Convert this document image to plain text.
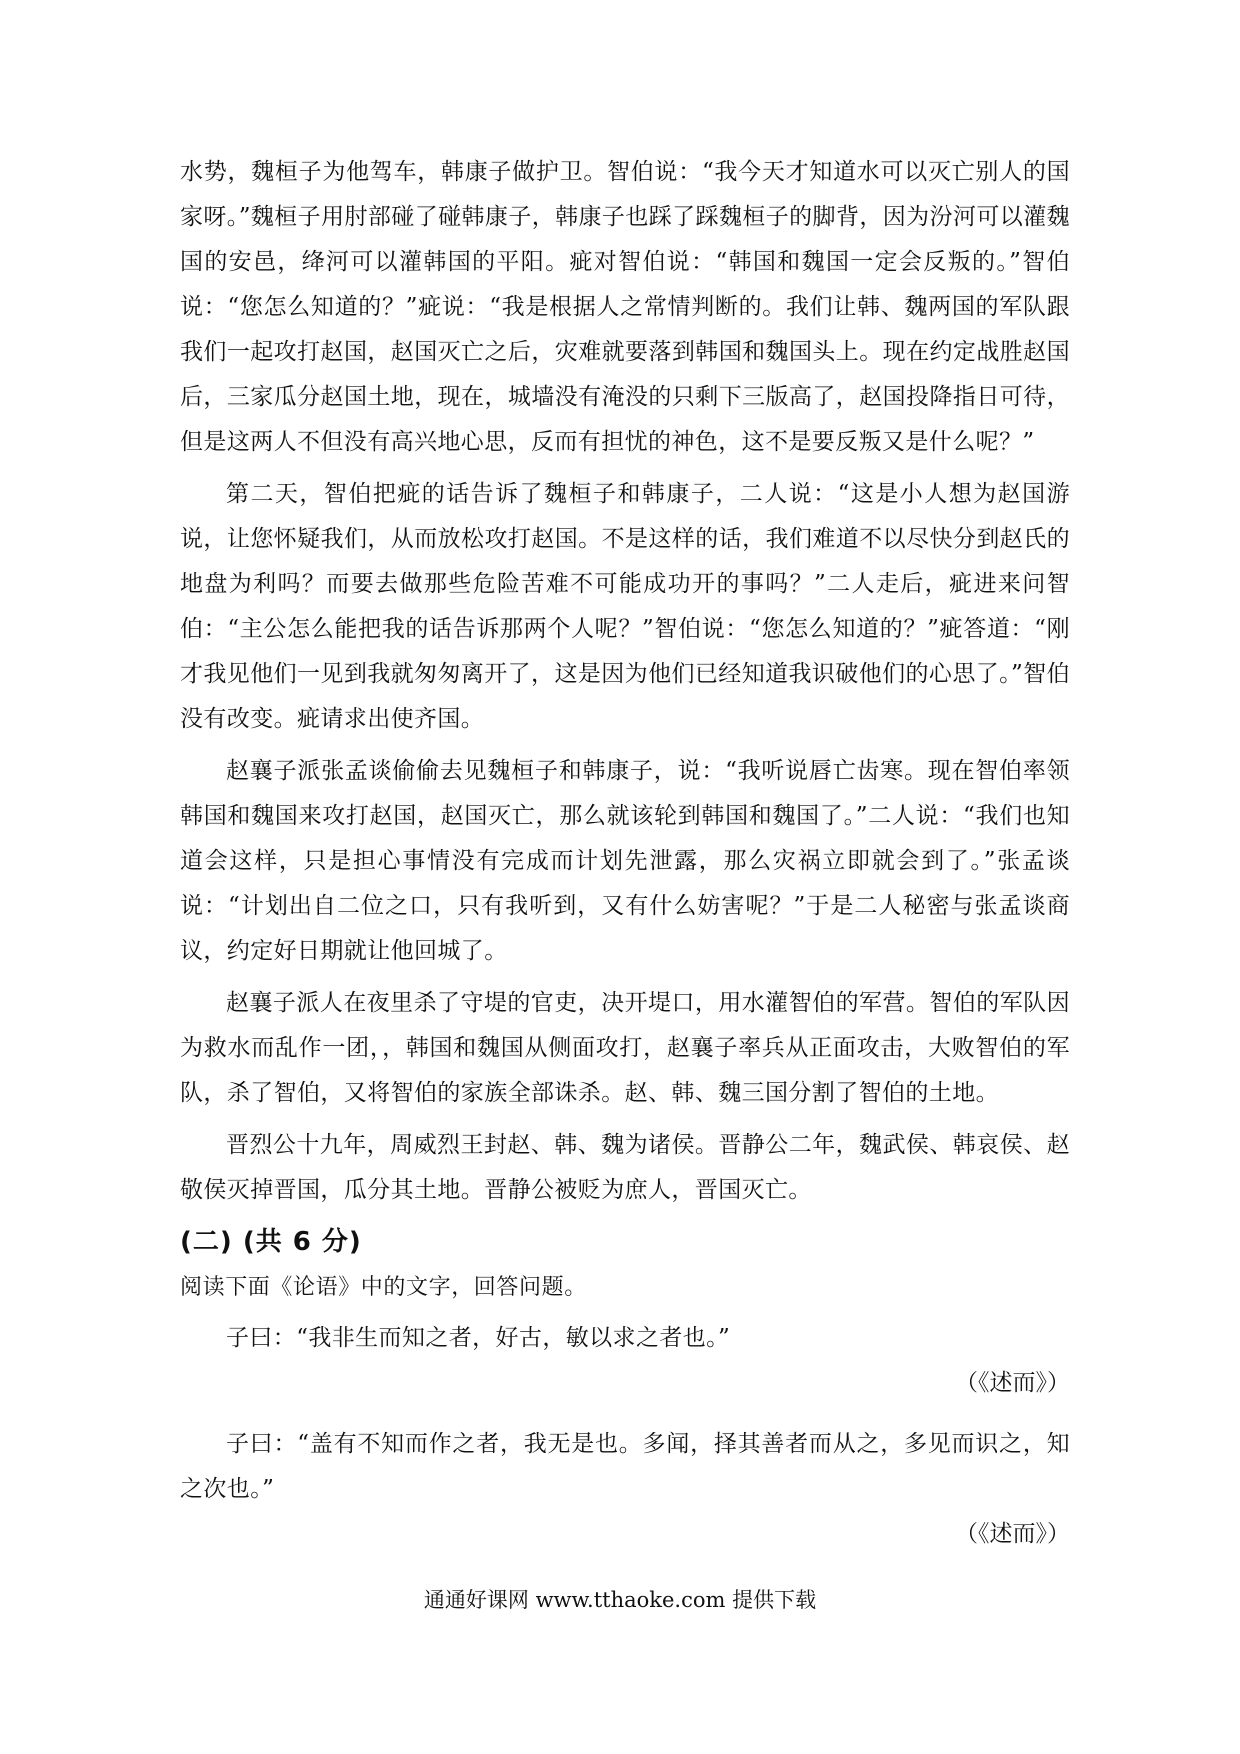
水势，魏桓子为他驾车，韩康子做护卫。智伯说：“我今天才知道水可以灭亡别人的国家呀。”魏桓子用肘部碰了碰韩康子，韩康子也踩了踩魏桓子的脚背，因为汾河可以灌魏国的安邑，绛河可以灌韩国的平阳。疵对智伯说：“韩国和魏国一定会反叛的。”智伯说：“您怎么知道的？”疵说：“我是根据人之常情判断的。我们让韩、魏两国的军队跟我们一起攻打赵国，赵国灭亡之后，灾难就要落到韩国和魏国头上。现在约定战胜赵国后，三家瓜分赵国土地，现在，城墙没有淹没的只剩下三版高了，赵国投降指日可待，但是这两人不但没有高兴地心思，反而有担忧的神色，这不是要反叛又是什么呢？”

第二天，智伯把疵的话告诉了魏桓子和韩康子，二人说：“这是小人想为赵国游说，让您怀疑我们，从而放松攻打赵国。不是这样的话，我们难道不以尽快分到赵氏的地盘为利吗？而要去做那些危险苦难不可能成功开的事吗？”二人走后，疵进来问智伯：“主公怎么能把我的话告诉那两个人呢？”智伯说：“您怎么知道的？”疵答道：“刚才我见他们一见到我就匆匆离开了，这是因为他们已经知道我识破他们的心思了。”智伯没有改变。疵请求出使齐国。

赵襄子派张孟谈偷偷去见魏桓子和韩康子，说：“我听说唇亡齿寒。现在智伯率领韩国和魏国来攻打赵国，赵国灭亡，那么就该轮到韩国和魏国了。”二人说：“我们也知道会这样，只是担心事情没有完成而计划先泄露，那么灾祸立即就会到了。”张孟谈说：“计划出自二位之口，只有我听到，又有什么妨害呢？”于是二人秘密与张孟谈商议，约定好日期就让他回城了。

赵襄子派人在夜里杀了守堤的官吏，决开堤口，用水灌智伯的军营。智伯的军队因为救水而乱作一团，，韩国和魏国从侧面攻打，赵襄子率兵从正面攻击，大败智伯的军队，杀了智伯，又将智伯的家族全部诛杀。赵、韩、魏三国分割了智伯的土地。

晋烈公十九年，周威烈王封赵、韩、魏为诸侯。晋静公二年，魏武侯、韩哀侯、赵敬侯灭掉晋国，瓜分其土地。晋静公被贬为庶人，晋国灭亡。

(二) (共 6 分)
阅读下面《论语》中的文字，回答问题。

子曰：“我非生而知之者，好古，敏以求之者也。”

（《述而》）

子曰：“盖有不知而作之者，我无是也。多闻，择其善者而从之，多见而识之，知之次也。”

（《述而》）
通通好课网 www.tthaoke.com 提供下载
